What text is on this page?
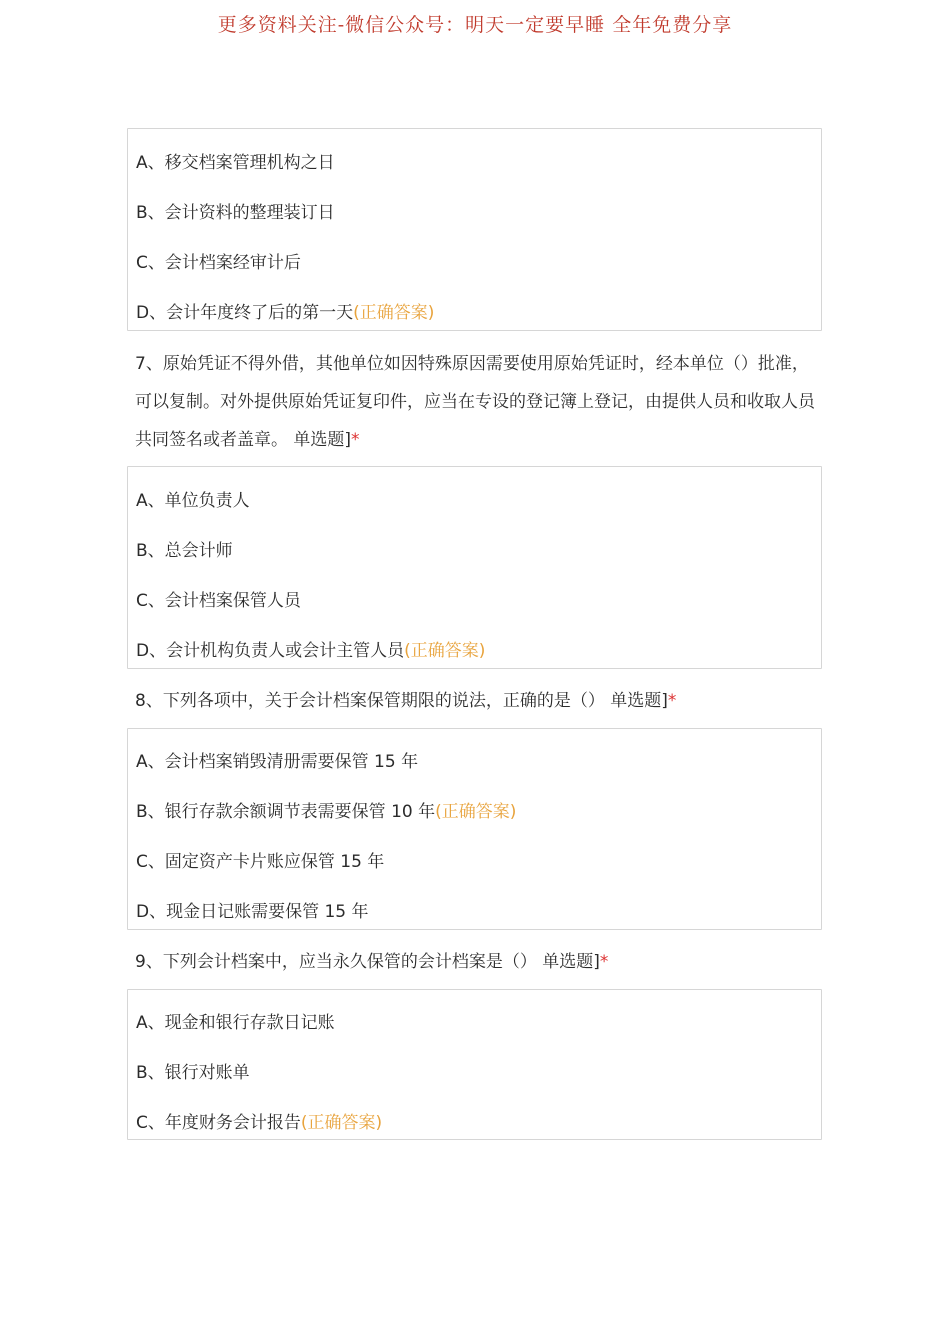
更多资料关注-微信公众号：明天一定要早睡 全年免费分享
A、移交档案管理机构之日
B、会计资料的整理装订日
C、会计档案经审计后
D、会计年度终了后的第一天(正确答案)
7、原始凭证不得外借，其他单位如因特殊原因需要使用原始凭证时，经本单位（）批准，可以复制。对外提供原始凭证复印件，应当在专设的登记簿上登记，由提供人员和收取人员共同签名或者盖章。 单选题]*
A、单位负责人
B、总会计师
C、会计档案保管人员
D、会计机构负责人或会计主管人员(正确答案)
8、下列各项中，关于会计档案保管期限的说法，正确的是（） 单选题]*
A、会计档案销毁清册需要保管 15 年
B、银行存款余额调节表需要保管 10 年(正确答案)
C、固定资产卡片账应保管 15 年
D、现金日记账需要保管 15 年
9、下列会计档案中，应当永久保管的会计档案是（） 单选题]*
A、现金和银行存款日记账
B、银行对账单
C、年度财务会计报告(正确答案)
